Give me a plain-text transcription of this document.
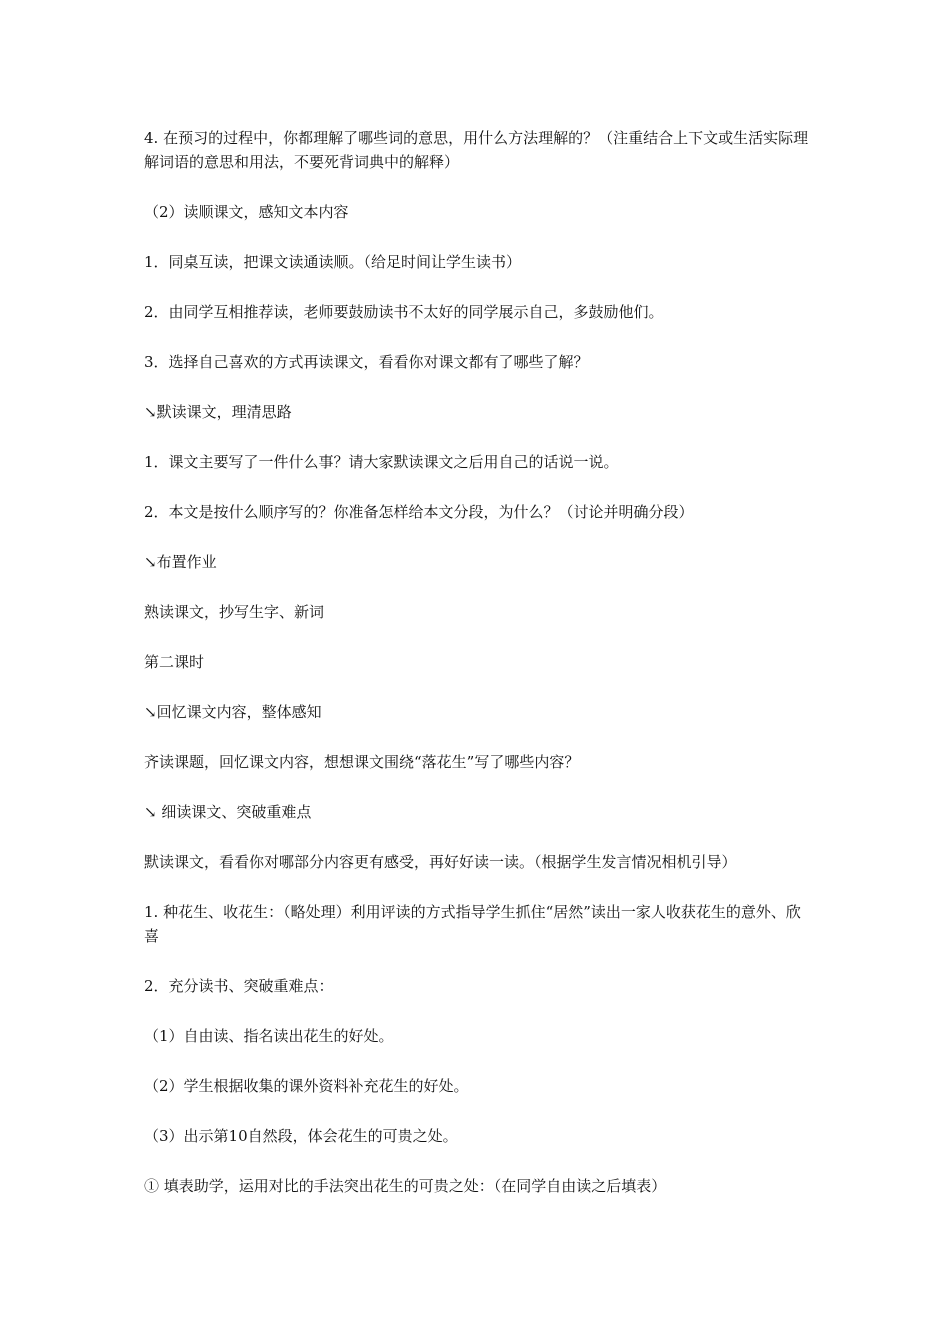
4. 在预习的过程中，你都理解了哪些词的意思，用什么方法理解的？（注重结合上下文或生活实际理解词语的意思和用法，不要死背词典中的解释）

（2）读顺课文，感知文本内容

1．同桌互读，把课文读通读顺。（给足时间让学生读书）

2．由同学互相推荐读，老师要鼓励读书不太好的同学展示自己，多鼓励他们。

3．选择自己喜欢的方式再读课文，看看你对课文都有了哪些了解？

↘默读课文，理清思路

1．课文主要写了一件什么事？请大家默读课文之后用自己的话说一说。

2．本文是按什么顺序写的？你准备怎样给本文分段，为什么？（讨论并明确分段）

↘布置作业

熟读课文，抄写生字、新词

第二课时

↘回忆课文内容，整体感知

齐读课题，回忆课文内容，想想课文围绕“落花生”写了哪些内容？

↘ 细读课文、突破重难点

默读课文，看看你对哪部分内容更有感受，再好好读一读。（根据学生发言情况相机引导）

1. 种花生、收花生：（略处理）利用评读的方式指导学生抓住“居然”读出一家人收获花生的意外、欣喜

2．充分读书、突破重难点：

（1）自由读、指名读出花生的好处。

（2）学生根据收集的课外资料补充花生的好处。

（3）出示第10自然段，体会花生的可贵之处。

① 填表助学，运用对比的手法突出花生的可贵之处：（在同学自由读之后填表）
